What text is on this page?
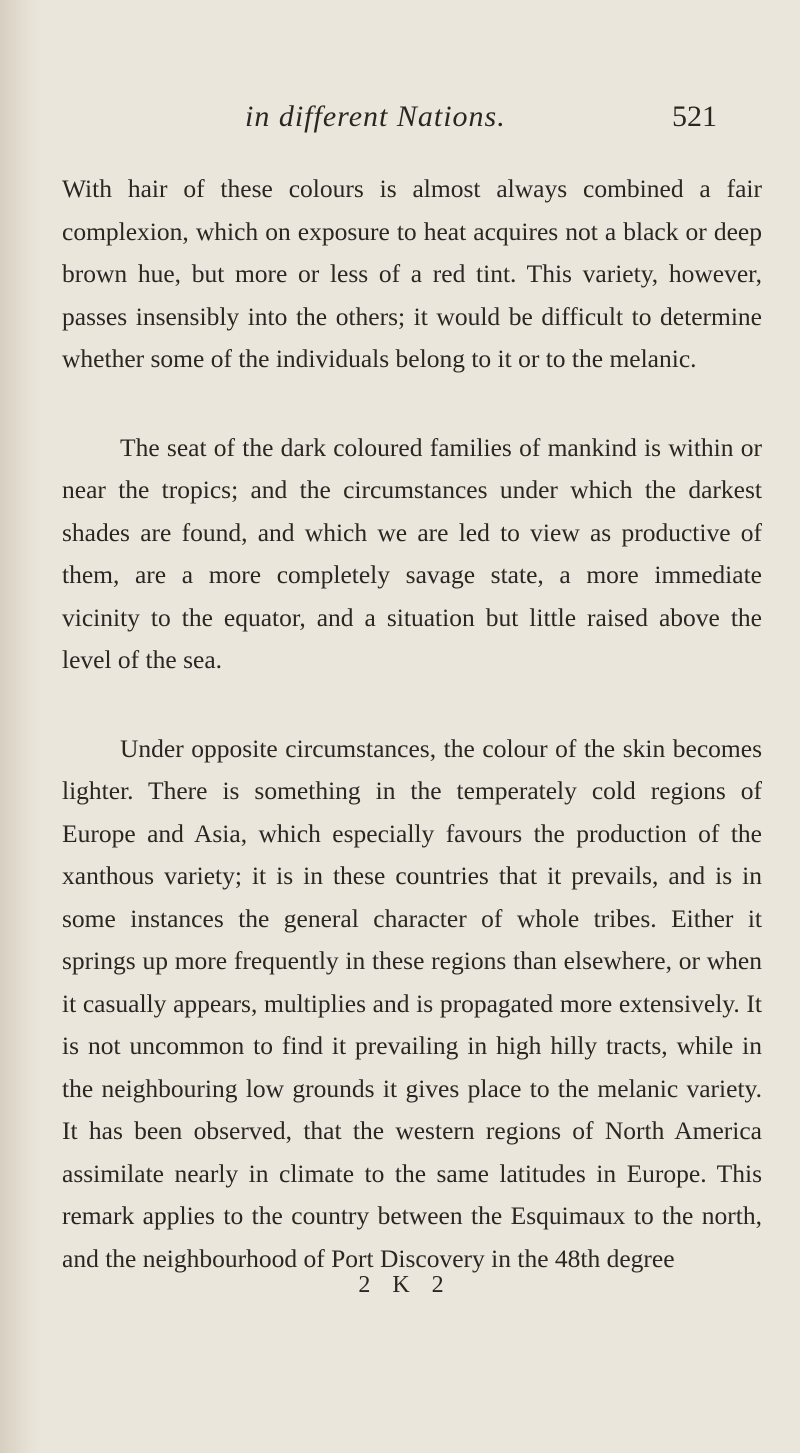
in different Nations.	521

With hair of these colours is almost always combined a fair complexion, which on exposure to heat acquires not a black or deep brown hue, but more or less of a red tint. This variety, however, passes insensibly into the others; it would be difficult to determine whether some of the individuals belong to it or to the melanic.

The seat of the dark coloured families of mankind is within or near the tropics; and the circumstances under which the darkest shades are found, and which we are led to view as productive of them, are a more completely savage state, a more immediate vicinity to the equator, and a situation but little raised above the level of the sea.

Under opposite circumstances, the colour of the skin becomes lighter. There is something in the temperately cold regions of Europe and Asia, which especially favours the production of the xanthous variety; it is in these countries that it prevails, and is in some instances the general character of whole tribes. Either it springs up more frequently in these regions than elsewhere, or when it casually appears, multiplies and is propagated more extensively. It is not uncommon to find it prevailing in high hilly tracts, while in the neighbouring low grounds it gives place to the melanic variety. It has been observed, that the western regions of North America assimilate nearly in climate to the same latitudes in Europe. This remark applies to the country between the Esquimaux to the north, and the neighbourhood of Port Discovery in the 48th degree

2 K 2
